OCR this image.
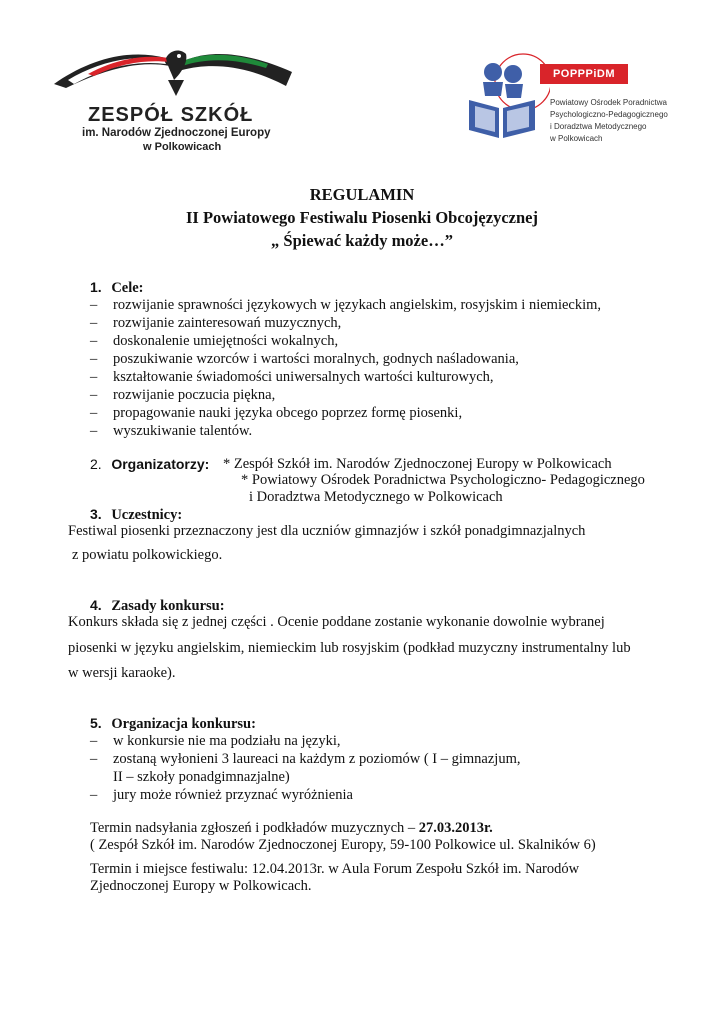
ZESPÓŁ SZKÓŁ
im. Narodów Zjednoczonej Europy
w Polkowicach
POPPPiDM
Powiatowy Ośrodek Poradnictwa
Psychologiczno-Pedagogicznego
i Doradztwa Metodycznego
w Polkowicach
REGULAMIN
II Powiatowego Festiwalu Piosenki Obcojęzycznej
„ Śpiewać każdy może…”
1. Cele:
– rozwijanie sprawności językowych w językach angielskim, rosyjskim i niemieckim,
– rozwijanie zainteresowań muzycznych,
– doskonalenie umiejętności wokalnych,
– poszukiwanie wzorców i wartości moralnych, godnych naśladowania,
– kształtowanie świadomości uniwersalnych wartości kulturowych,
– rozwijanie poczucia piękna,
– propagowanie nauki języka obcego poprzez formę piosenki,
– wyszukiwanie talentów.
2. Organizatorzy: * Zespół Szkół im. Narodów Zjednoczonej Europy w Polkowicach
* Powiatowy Ośrodek Poradnictwa Psychologiczno- Pedagogicznego
i Doradztwa Metodycznego w Polkowicach
3. Uczestnicy:
Festiwal piosenki przeznaczony jest dla uczniów gimnazjów i szkół ponadgimnazjalnych
z powiatu polkowickiego.
4. Zasady konkursu:
Konkurs składa się z jednej części . Ocenie poddane zostanie wykonanie dowolnie wybranej
piosenki w języku angielskim, niemieckim lub rosyjskim (podkład muzyczny instrumentalny lub
w wersji karaoke).
5. Organizacja konkursu:
– w konkursie nie ma podziału na języki,
– zostaną wyłonieni 3 laureaci na każdym z poziomów ( I – gimnazjum,
II – szkoły ponadgimnazjalne)
– jury może również przyznać wyróżnienia
Termin nadsyłania zgłoszeń i podkładów muzycznych – 27.03.2013r.
( Zespół Szkół im. Narodów Zjednoczonej Europy, 59-100 Polkowice ul. Skalników 6)
Termin i miejsce festiwalu: 12.04.2013r. w Aula Forum Zespołu Szkół im. Narodów
Zjednoczonej Europy w Polkowicach.
